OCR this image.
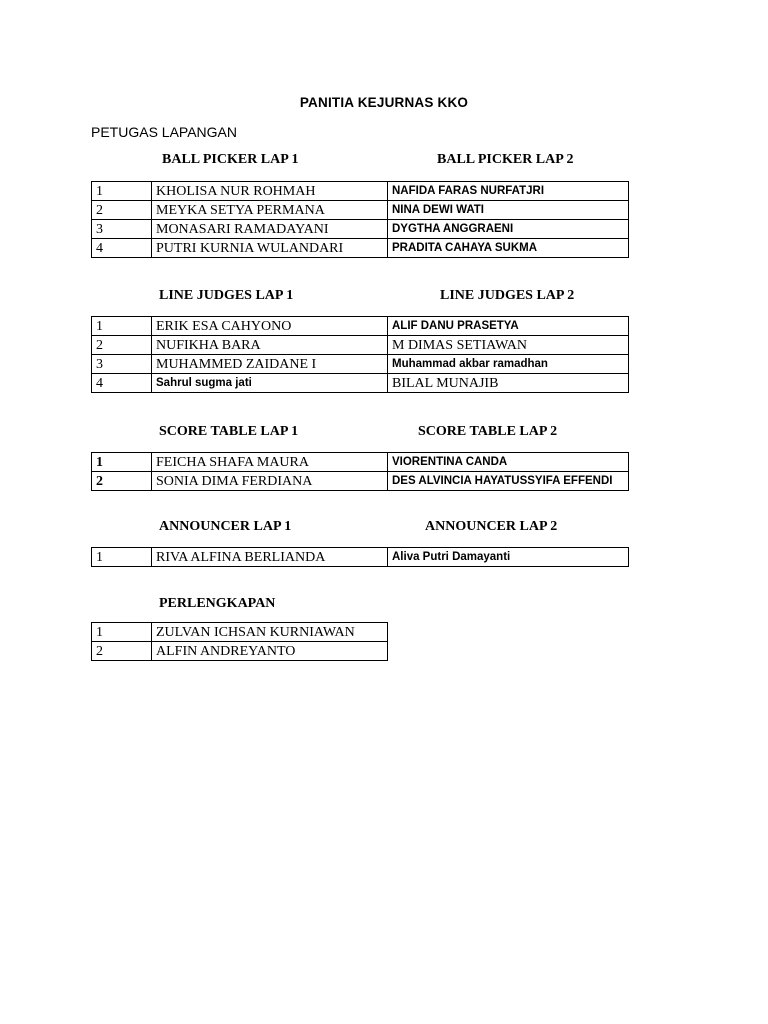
PANITIA KEJURNAS KKO
PETUGAS LAPANGAN
BALL PICKER LAP 1	BALL PICKER LAP 2
1	KHOLISA NUR ROHMAH	NAFIDA FARAS NURFATJRI
2	MEYKA SETYA PERMANA	NINA DEWI WATI
3	MONASARI RAMADAYANI	DYGTHA ANGGRAENI
4	PUTRI KURNIA WULANDARI	PRADITA CAHAYA SUKMA
LINE JUDGES LAP 1	LINE JUDGES LAP 2
1	ERIK ESA CAHYONO	ALIF DANU PRASETYA
2	NUFIKHA BARA	M DIMAS SETIAWAN
3	MUHAMMED ZAIDANE I	Muhammad akbar ramadhan
4	Sahrul sugma jati	BILAL MUNAJIB
SCORE TABLE LAP 1	SCORE TABLE LAP 2
1	FEICHA SHAFA MAURA	VIORENTINA CANDA
2	SONIA DIMA FERDIANA	DES ALVINCIA HAYATUSSYIFA EFFENDI
ANNOUNCER LAP 1	ANNOUNCER LAP 2
1	RIVA ALFINA BERLIANDA	Aliva Putri Damayanti
PERLENGKAPAN
1	ZULVAN ICHSAN KURNIAWAN
2	ALFIN ANDREYANTO
